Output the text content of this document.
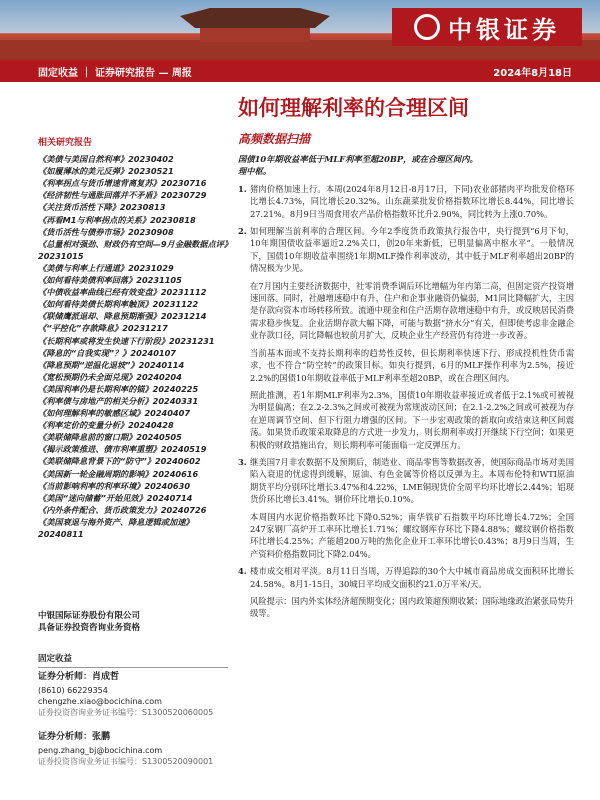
中银证券
固定收益 ｜ 证券研究报告 — 周报	2024年8月18日
如何理解利率的合理区间
高频数据扫描
相关研究报告
《美债与美国自然利率》20230402
《如履薄冰的美元反弹》20230521
《利率拐点与货币增速背离复苏》20230716
《经济韧性与通胀回落并不矛盾》20230729
《关注货币活性下降》20230813
《再看M1与利率拐点的关系》20230818
《货币活性与债券市场》20230908
《总量相对强劲、财政仍有空间—9月金融数据点评》20231015
《美债与利率上行通道》20231029
《如何看待美债利率回落》20231105
《中债收益率曲线已经有效变盘》20231112
《如何看待美债长期利率触顶》20231122
《联储鹰派退却、降息预期渐强》20231214
《“平控化”存款降息》20231217
《长期利率或将发生快速下行阶段》20231231
《降息的“自我实现”？》20240107
《降息预期“逆温化退坡”》20240114
《宽松预期仍未全面兑现》20240204
《美国利率仍是长期利率的锚》20240225
《利率债与房地产的相关分析》20240331
《如何理解利率的敏感区域》20240407
《利率定价的变量分析》20240428
《美联储降息前的窗口期》20240505
《揭示政策推进、债市利率重塑》20240519
《美联储降息背景下的“防守”》20240602
《美国新一轮金融周期的影响》20240616
《当前影响利率的利率环境》20240630
《美国“迷向储蓄”开始见效》20240714
《内外条件配合、货币政策发力》20240726
《美国衰退与海外资产、降息逻辑或加速》20240811
中银国际证券股份有限公司
具备证券投资咨询业务资格
固定收益
证券分析师：肖成哲
(8610) 66229354
chengzhe.xiao@bocichina.com
证券投资咨询业务证书编号：S1300520060005
证券分析师：张鹏
peng.zhang_bj@bocichina.com
证券投资咨询业务证书编号：S1300520090001

国债10年期收益率低于MLF利率至超20BP，或在合理区间内。
理中枢。

1. 猪肉价格加速上行。本周(2024年8月12日-8月17日，下同)农业部猪肉平均批发价格环比增长4.73%，同比增长20.32%。山东蔬菜批发价格指数环比增长8.44%，同比增长27.21%。8月9日当周食用农产品价格指数环比升2.90%，同比转为上涨0.70%。
2. 如何理解当前利率的合理区间。今年2季度货币政策执行报告中，央行提到“6月下旬，10年期国债收益率逼近2.2%关口，创20年来新低，已明显偏离中枢水平”。一般情况下，国债10年期收益率围绕1年期MLF操作利率波动，其中低于MLF利率超出20BP的情况极为少见。
在7月国内主要经济数据中，社零消费季调后环比增幅为年内第二高，但固定资产投资增速回落。同时，社融增速稳中有升，住户和企事业融资仍偏弱，M1同比降幅扩大，主因是存款向资本市场转移所致。流通中现金和住户活期存款增速稳中有升，或反映居民消费需求稳步恢复。企业活期存款大幅下降，可能与数据“挤水分”有关，但即使考虑非金融企业存款口径，同比降幅也较前月扩大，反映企业生产经营仍有待进一步改善。
当前基本面或不支持长期利率的趋势性反转，但长期利率快速下行、形成投机性货币需求，也不符合“防空转”的政策目标。如央行提到，6月的MLF操作利率为2.5%，接近2.2%的国债10年期收益率低于MLF利率至超20BP，或在合理区间内。
照此推测，若1年期MLF利率为2.3%，国债10年期收益率接近或者低于2.1%或可被视为明显偏离；在2.2-2.3%之间或可被视为常规波动区间；在2.1-2.2%之间或可被视为存在逆周调节空间、但下行阻力增强的区间。下一步宏观政策的新取向或结束这种区间震荡。如果货币政策采取降息的方式进一步发力，则长期利率或打开继续下行空间；如果更积极的财政措施出台，则长期利率可能面临一定反弹压力。
3. 继美国7月非农数据不及预期后，制造业、商品零售等数据改善，使国际商品市场对美国陷入衰退的忧虑得到缓解，原油、有色金属等价格以反弹为主。本周布伦特和WTI原油期货平均分别环比增长3.47%和4.22%，LME铜现货价全周平均环比增长2.44%；铝现货价环比增长3.41%。钢价环比增长0.10%。
本周国内水泥价格指数环比下降0.52%；南华铁矿石指数平均环比增长4.72%；全国247家钢厂高炉开工率环比增长1.71%；螺纹钢库存环比下降4.88%；螺纹钢价格指数环比增长4.25%；产能超200万吨的焦化企业开工率环比增长0.43%；8月9日当周，生产资料价格指数同比下降2.04%。
4. 楼市成交相对平淡。8月11日当周，万得追踪的30个大中城市商品房成交面积环比增长24.58%。8月1-15日，30城日平均成交面积约21.0万平米/天。
风险提示：国内外实体经济超预期变化；国内政策超预期收紧；国际地缘政治紧张局势升级等。
